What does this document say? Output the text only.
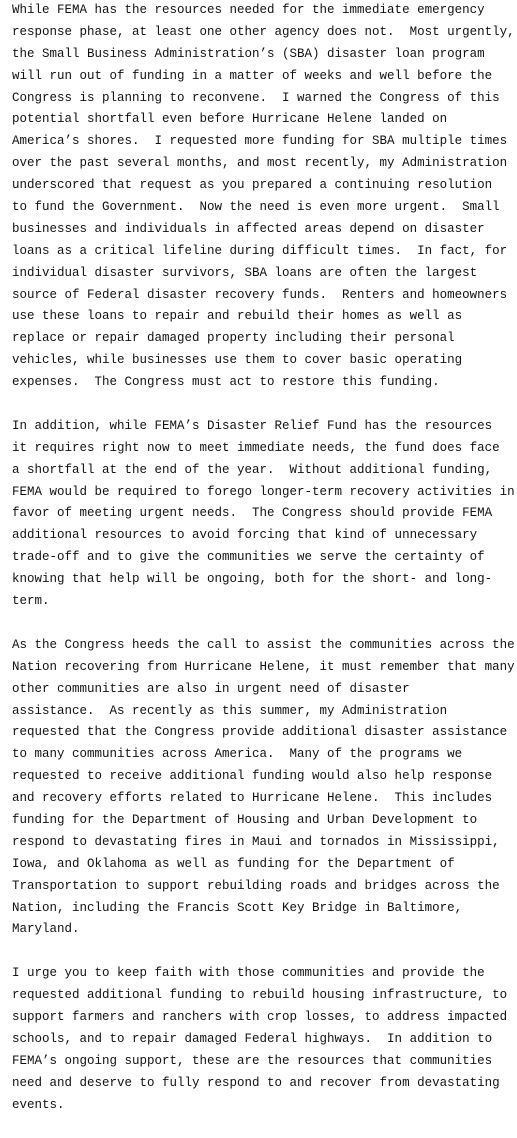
While FEMA has the resources needed for the immediate emergency
response phase, at least one other agency does not.  Most urgently,
the Small Business Administration’s (SBA) disaster loan program
will run out of funding in a matter of weeks and well before the
Congress is planning to reconvene.  I warned the Congress of this
potential shortfall even before Hurricane Helene landed on
America’s shores.  I requested more funding for SBA multiple times
over the past several months, and most recently, my Administration
underscored that request as you prepared a continuing resolution
to fund the Government.  Now the need is even more urgent.  Small
businesses and individuals in affected areas depend on disaster
loans as a critical lifeline during difficult times.  In fact, for
individual disaster survivors, SBA loans are often the largest
source of Federal disaster recovery funds.  Renters and homeowners
use these loans to repair and rebuild their homes as well as
replace or repair damaged property including their personal
vehicles, while businesses use them to cover basic operating
expenses.  The Congress must act to restore this funding.
In addition, while FEMA’s Disaster Relief Fund has the resources
it requires right now to meet immediate needs, the fund does face
a shortfall at the end of the year.  Without additional funding,
FEMA would be required to forego longer-term recovery activities in
favor of meeting urgent needs.  The Congress should provide FEMA
additional resources to avoid forcing that kind of unnecessary
trade-off and to give the communities we serve the certainty of
knowing that help will be ongoing, both for the short- and long-
term.
As the Congress heeds the call to assist the communities across the
Nation recovering from Hurricane Helene, it must remember that many
other communities are also in urgent need of disaster
assistance.  As recently as this summer, my Administration
requested that the Congress provide additional disaster assistance
to many communities across America.  Many of the programs we
requested to receive additional funding would also help response
and recovery efforts related to Hurricane Helene.  This includes
funding for the Department of Housing and Urban Development to
respond to devastating fires in Maui and tornados in Mississippi,
Iowa, and Oklahoma as well as funding for the Department of
Transportation to support rebuilding roads and bridges across the
Nation, including the Francis Scott Key Bridge in Baltimore,
Maryland.
I urge you to keep faith with those communities and provide the
requested additional funding to rebuild housing infrastructure, to
support farmers and ranchers with crop losses, to address impacted
schools, and to repair damaged Federal highways.  In addition to
FEMA’s ongoing support, these are the resources that communities
need and deserve to fully respond to and recover from devastating
events.
